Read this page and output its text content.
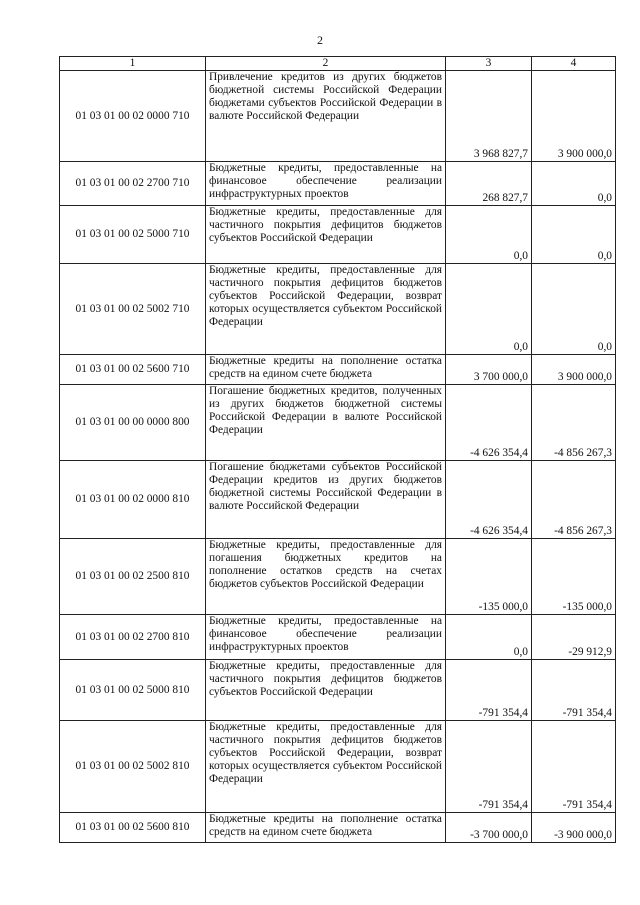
2
1	2	3	4
01 03 01 00 02 0000 710	Привлечение кредитов из других бюджетов бюджетной системы Российской Федерации бюджетами субъектов Российской Федерации в валюте Российской Федерации	3 968 827,7	3 900 000,0
01 03 01 00 02 2700 710	Бюджетные кредиты, предоставленные на финансовое обеспечение реализации инфраструктурных проектов	268 827,7	0,0
01 03 01 00 02 5000 710	Бюджетные кредиты, предоставленные для частичного покрытия дефицитов бюджетов субъектов Российской Федерации	0,0	0,0
01 03 01 00 02 5002 710	Бюджетные кредиты, предоставленные для частичного покрытия дефицитов бюджетов субъектов Российской Федерации, возврат которых осуществляется субъектом Российской Федерации	0,0	0,0
01 03 01 00 02 5600 710	Бюджетные кредиты на пополнение остатка средств на едином счете бюджета	3 700 000,0	3 900 000,0
01 03 01 00 00 0000 800	Погашение бюджетных кредитов, полученных из других бюджетов бюджетной системы Российской Федерации в валюте Российской Федерации	-4 626 354,4	-4 856 267,3
01 03 01 00 02 0000 810	Погашение бюджетами субъектов Российской Федерации кредитов из других бюджетов бюджетной системы Российской Федерации в валюте Российской Федерации	-4 626 354,4	-4 856 267,3
01 03 01 00 02 2500 810	Бюджетные кредиты, предоставленные для погашения бюджетных кредитов на пополнение остатков средств на счетах бюджетов субъектов Российской Федерации	-135 000,0	-135 000,0
01 03 01 00 02 2700 810	Бюджетные кредиты, предоставленные на финансовое обеспечение реализации инфраструктурных проектов	0,0	-29 912,9
01 03 01 00 02 5000 810	Бюджетные кредиты, предоставленные для частичного покрытия дефицитов бюджетов субъектов Российской Федерации	-791 354,4	-791 354,4
01 03 01 00 02 5002 810	Бюджетные кредиты, предоставленные для частичного покрытия дефицитов бюджетов субъектов Российской Федерации, возврат которых осуществляется субъектом Российской Федерации	-791 354,4	-791 354,4
01 03 01 00 02 5600 810	Бюджетные кредиты на пополнение остатка средств на едином счете бюджета	-3 700 000,0	-3 900 000,0
